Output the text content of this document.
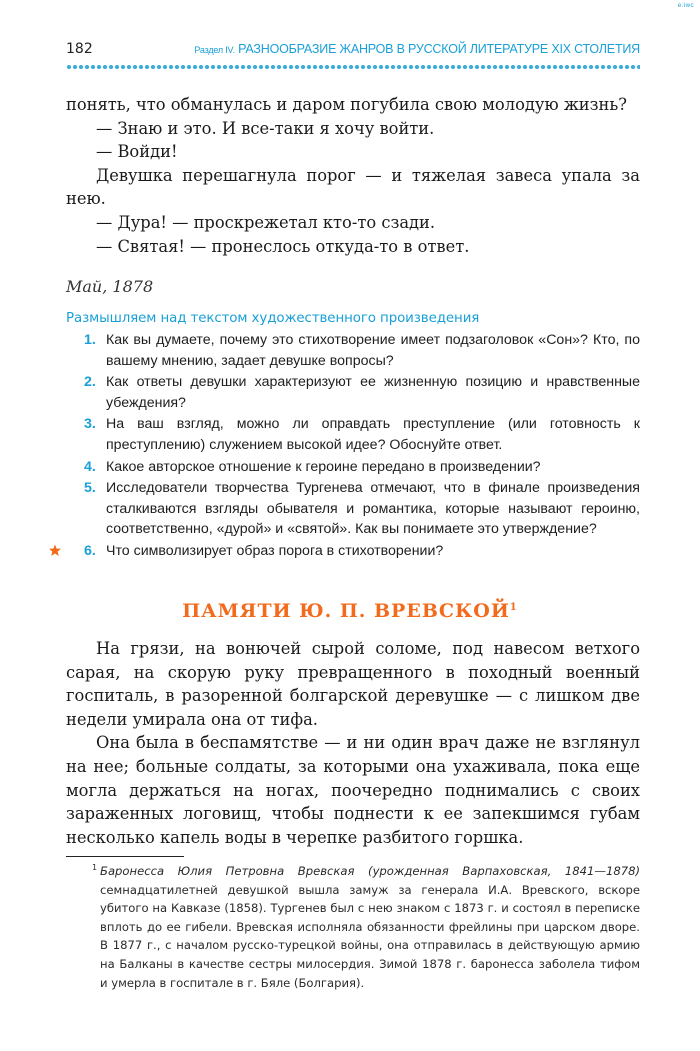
e:iwc
182	Раздел IV. РАЗНООБРАЗИЕ ЖАНРОВ В РУССКОЙ ЛИТЕРАТУРЕ XIX СТОЛЕТИЯ

понять, что обманулась и даром погубила свою молодую жизнь?

— Знаю и это. И все-таки я хочу войти.

— Войди!

Девушка перешагнула порог — и тяжелая завеса упала за нею.

— Дура! — проскрежетал кто-то сзади.

— Святая! — пронеслось откуда-то в ответ.

Май, 1878
Размышляем над текстом художественного произведения
1. Как вы думаете, почему это стихотворение имеет подзаголовок «Сон»? Кто, по вашему мнению, задает девушке вопросы?
2. Как ответы девушки характеризуют ее жизненную позицию и нравственные убеждения?
3. На ваш взгляд, можно ли оправдать преступление (или готовность к преступлению) служением высокой идее? Обоснуйте ответ.
4. Какое авторское отношение к героине передано в произведении?
5. Исследователи творчества Тургенева отмечают, что в финале произведения сталкиваются взгляды обывателя и романтика, которые называют героиню, соответственно, «дурой» и «святой». Как вы понимаете это утверждение?
6. Что символизирует образ порога в стихотворении?
ПАМЯТИ Ю. П. ВРЕВСКОЙ$^1$

На грязи, на вонючей сырой соломе, под навесом ветхого сарая, на скорую руку превращенного в походный военный госпиталь, в разоренной болгарской деревушке — с лишком две недели умирала она от тифа.

Она была в беспамятстве — и ни один врач даже не взглянул на нее; больные солдаты, за которыми она ухаживала, пока еще могла держаться на ногах, поочередно поднимались с своих зараженных логовищ, чтобы поднести к ее запекшимся губам несколько капель воды в черепке разбитого горшка.

1 Баронесса Юлия Петровна Вревская (урожденная Варпаховская, 1841—1878) семнадцатилетней девушкой вышла замуж за генерала И.А. Вревского, вскоре убитого на Кавказе (1858). Тургенев был с нею знаком с 1873 г. и состоял в переписке вплоть до ее гибели. Вревская исполняла обязанности фрейлины при царском дворе. В 1877 г., с началом русско-турецкой войны, она отправилась в действующую армию на Балканы в качестве сестры милосердия. Зимой 1878 г. баронесса заболела тифом и умерла в госпитале в г. Бяле (Болгария).
